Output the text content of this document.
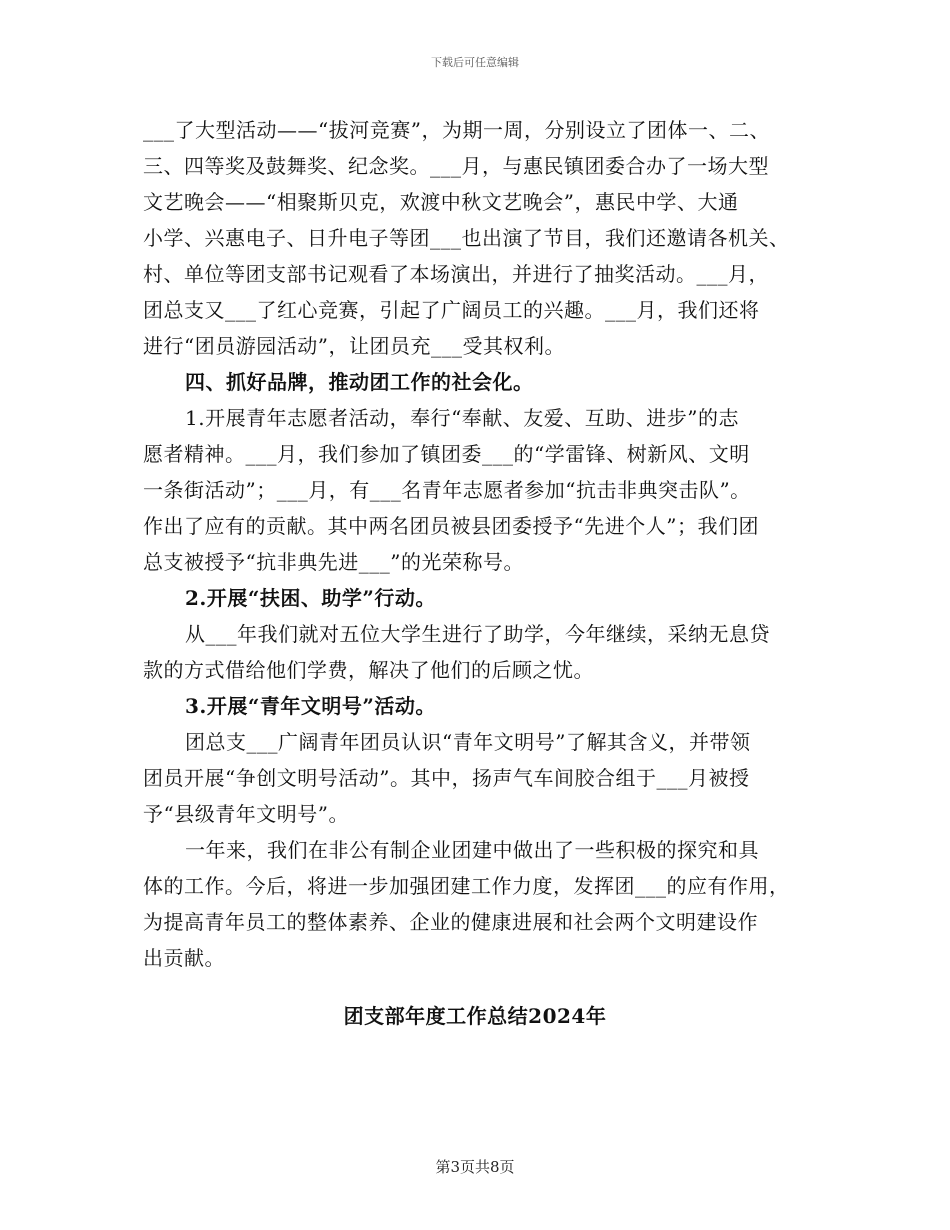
下载后可任意编辑
___了大型活动——“拔河竞赛”，为期一周，分别设立了团体一、二、
三、四等奖及鼓舞奖、纪念奖。___月，与惠民镇团委合办了一场大型
文艺晚会——“相聚斯贝克，欢渡中秋文艺晚会”，惠民中学、大通
小学、兴惠电子、日升电子等团___也出演了节目，我们还邀请各机关、
村、单位等团支部书记观看了本场演出，并进行了抽奖活动。___月，
团总支又___了红心竞赛，引起了广阔员工的兴趣。___月，我们还将
进行“团员游园活动”，让团员充___受其权利。
四、抓好品牌，推动团工作的社会化。
1.开展青年志愿者活动，奉行“奉献、友爱、互助、进步”的志
愿者精神。___月，我们参加了镇团委___的“学雷锋、树新风、文明
一条街活动”；___月，有___名青年志愿者参加“抗击非典突击队”。
作出了应有的贡献。其中两名团员被县团委授予“先进个人”；我们团
总支被授予“抗非典先进___”的光荣称号。
2.开展“扶困、助学”行动。
从___年我们就对五位大学生进行了助学，今年继续，采纳无息贷
款的方式借给他们学费，解决了他们的后顾之忧。
3.开展“青年文明号”活动。
团总支___广阔青年团员认识“青年文明号”了解其含义，并带领
团员开展“争创文明号活动”。其中，扬声气车间胶合组于___月被授
予“县级青年文明号”。
一年来，我们在非公有制企业团建中做出了一些积极的探究和具
体的工作。今后，将进一步加强团建工作力度，发挥团___的应有作用，
为提高青年员工的整体素养、企业的健康进展和社会两个文明建设作
出贡献。
团支部年度工作总结2024年
第3页共8页
